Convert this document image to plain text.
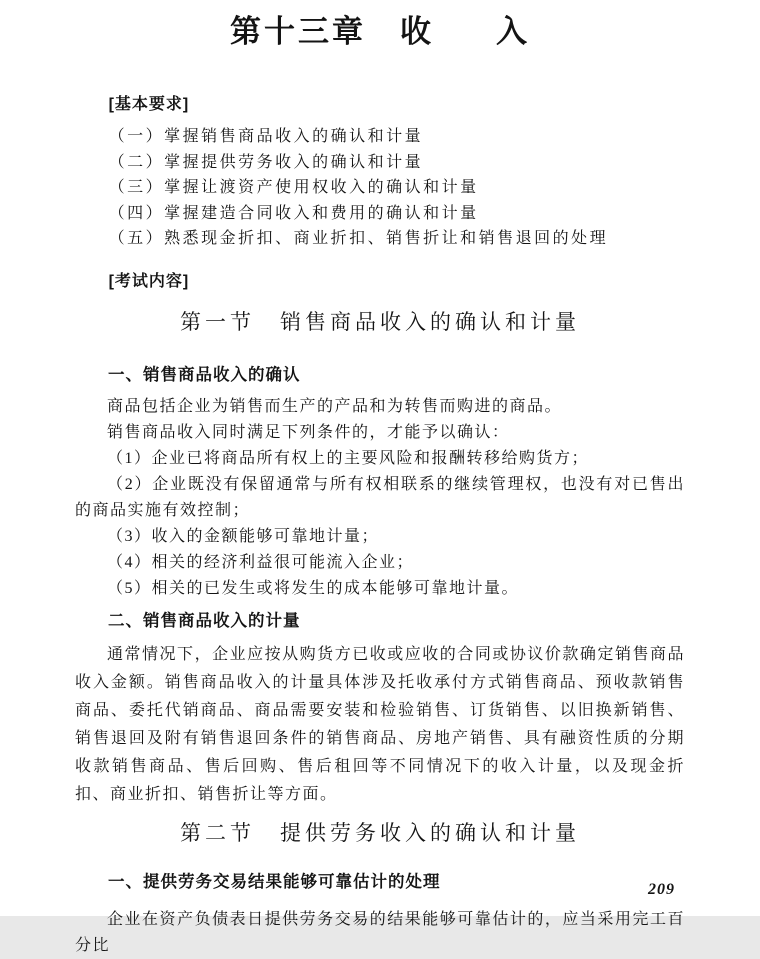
第十三章 收 入
[基本要求]
（一）掌握销售商品收入的确认和计量
（二）掌握提供劳务收入的确认和计量
（三）掌握让渡资产使用权收入的确认和计量
（四）掌握建造合同收入和费用的确认和计量
（五）熟悉现金折扣、商业折扣、销售折让和销售退回的处理
[考试内容]
第一节　销售商品收入的确认和计量
一、销售商品收入的确认

商品包括企业为销售而生产的产品和为转售而购进的商品。

销售商品收入同时满足下列条件的，才能予以确认：

（1）企业已将商品所有权上的主要风险和报酬转移给购货方；

（2）企业既没有保留通常与所有权相联系的继续管理权，也没有对已售出的商品实施有效控制；

（3）收入的金额能够可靠地计量；

（4）相关的经济利益很可能流入企业；

（5）相关的已发生或将发生的成本能够可靠地计量。

二、销售商品收入的计量

通常情况下，企业应按从购货方已收或应收的合同或协议价款确定销售商品收入金额。销售商品收入的计量具体涉及托收承付方式销售商品、预收款销售商品、委托代销商品、商品需要安装和检验销售、订货销售、以旧换新销售、销售退回及附有销售退回条件的销售商品、房地产销售、具有融资性质的分期收款销售商品、售后回购、售后租回等不同情况下的收入计量，以及现金折扣、商业折扣、销售折让等方面。

第二节　提供劳务收入的确认和计量
一、提供劳务交易结果能够可靠估计的处理

企业在资产负债表日提供劳务交易的结果能够可靠估计的，应当采用完工百分比

209
